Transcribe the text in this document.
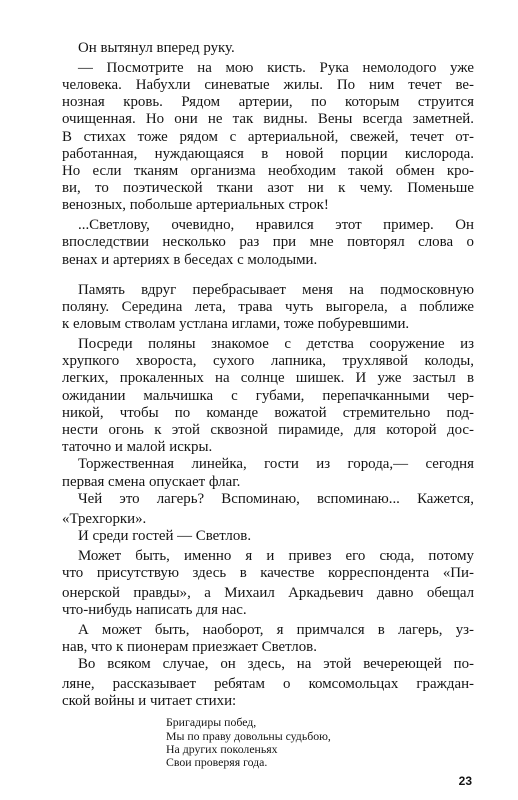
Он вытянул вперед руку.
— Посмотрите на мою кисть. Рука немолодого уже
человека. Набухли синеватые жилы. По ним течет ве-
нозная кровь. Рядом артерии, по которым струится
очищенная. Но они не так видны. Вены всегда заметней.
В стихах тоже рядом с артериальной, свежей, течет от-
работанная, нуждающаяся в новой порции кислорода.
Но если тканям организма необходим такой обмен кро-
ви, то поэтической ткани азот ни к чему. Поменьше
венозных, побольше артериальных строк!
...Светлову, очевидно, нравился этот пример. Он
впоследствии несколько раз при мне повторял слова о
венах и артериях в беседах с молодыми.
Память вдруг перебрасывает меня на подмосковную
поляну. Середина лета, трава чуть выгорела, а поближе
к еловым стволам устлана иглами, тоже побуревшими.
Посреди поляны знакомое с детства сооружение из
хрупкого хвороста, сухого лапника, трухлявой колоды,
легких, прокаленных на солнце шишек. И уже застыл в
ожидании мальчишка с губами, перепачканными чер-
никой, чтобы по команде вожатой стремительно под-
нести огонь к этой сквозной пирамиде, для которой дос-
таточно и малой искры.
Торжественная линейка, гости из города,— сегодня
первая смена опускает флаг.
Чей это лагерь? Вспоминаю, вспоминаю... Кажется,
«Трехгорки».
И среди гостей — Светлов.
Может быть, именно я и привез его сюда, потому
что присутствую здесь в качестве корреспондента «Пи-
онерской правды», а Михаил Аркадьевич давно обещал
что-нибудь написать для нас.
А может быть, наоборот, я примчался в лагерь, уз-
нав, что к пионерам приезжает Светлов.
Во всяком случае, он здесь, на этой вечереющей по-
ляне, рассказывает ребятам о комсомольцах граждан-
ской войны и читает стихи:
Бригадиры побед,
Мы по праву довольны судьбою,
На других поколеньях
Свои проверяя года.
23
